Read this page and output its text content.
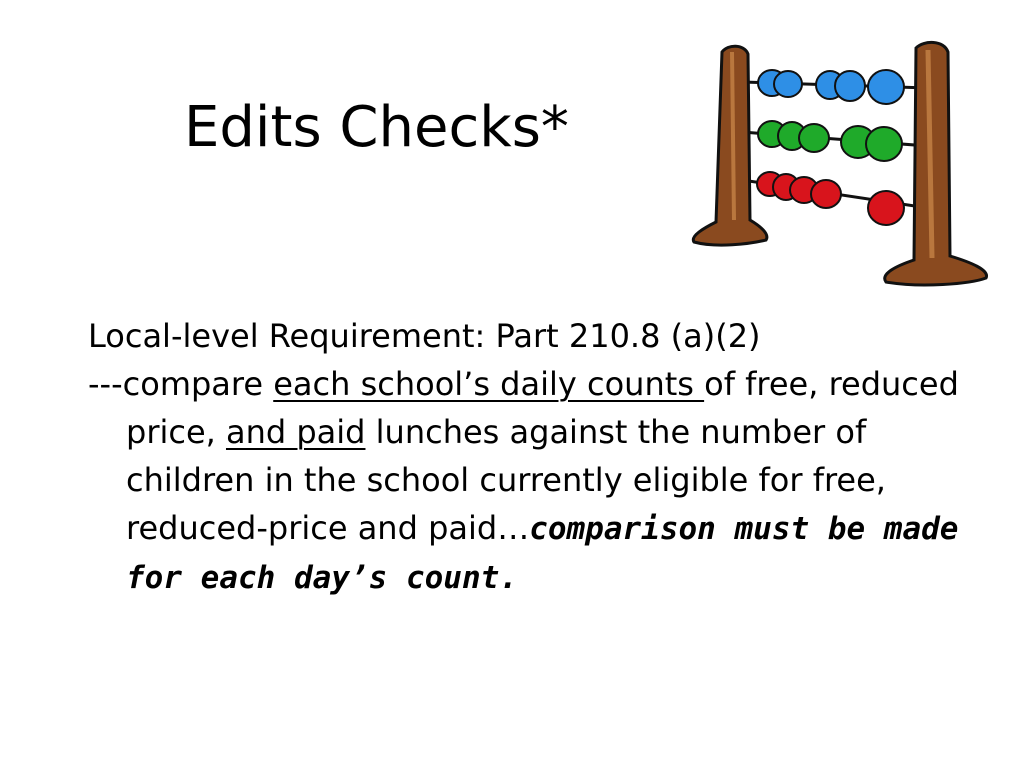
Edits Checks*

Local-level Requirement: Part 210.8 (a)(2)

---compare each school’s daily counts of free, reduced price, and paid lunches against the number of children in the school currently eligible for free, reduced-price and paid…comparison must be made for each day’s count.
